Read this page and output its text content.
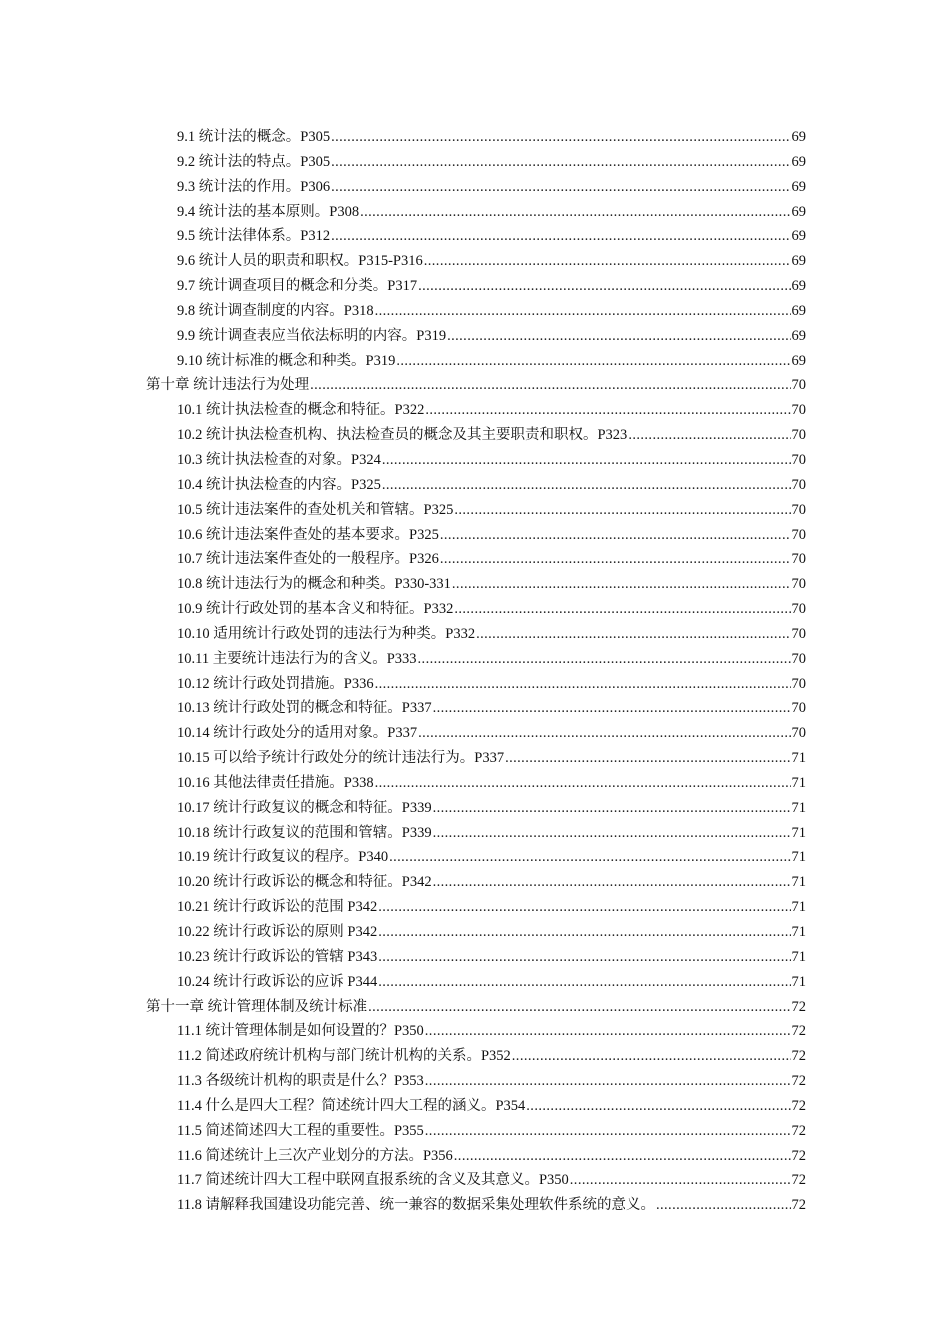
9.1 统计法的概念。P305 .....	69
9.2 统计法的特点。P305 .....	69
9.3 统计法的作用。P306 .....	69
9.4 统计法的基本原则。P308 .....	69
9.5 统计法律体系。P312 .....	69
9.6 统计人员的职责和职权。P315-P316 .....	69
9.7 统计调查项目的概念和分类。P317 .....	69
9.8 统计调查制度的内容。P318 .....	69
9.9 统计调查表应当依法标明的内容。P319 .....	69
9.10 统计标准的概念和种类。P319 .....	69
第十章 统计违法行为处理 .....	70
10.1 统计执法检查的概念和特征。P322 .....	70
10.2 统计执法检查机构、执法检查员的概念及其主要职责和职权。P323 .....	70
10.3 统计执法检查的对象。P324 .....	70
10.4 统计执法检查的内容。P325 .....	70
10.5 统计违法案件的查处机关和管辖。P325 .....	70
10.6 统计违法案件查处的基本要求。P325 .....	70
10.7 统计违法案件查处的一般程序。P326 .....	70
10.8 统计违法行为的概念和种类。P330-331 .....	70
10.9 统计行政处罚的基本含义和特征。P332 .....	70
10.10 适用统计行政处罚的违法行为种类。P332 .....	70
10.11 主要统计违法行为的含义。P333 .....	70
10.12 统计行政处罚措施。P336 .....	70
10.13 统计行政处罚的概念和特征。P337 .....	70
10.14 统计行政处分的适用对象。P337 .....	70
10.15 可以给予统计行政处分的统计违法行为。P337 .....	71
10.16 其他法律责任措施。P338 .....	71
10.17 统计行政复议的概念和特征。P339 .....	71
10.18 统计行政复议的范围和管辖。P339 .....	71
10.19 统计行政复议的程序。P340 .....	71
10.20 统计行政诉讼的概念和特征。P342 .....	71
10.21 统计行政诉讼的范围 P342 .....	71
10.22 统计行政诉讼的原则 P342 .....	71
10.23 统计行政诉讼的管辖 P343 .....	71
10.24 统计行政诉讼的应诉 P344 .....	71
第十一章 统计管理体制及统计标准 .....	72
11.1 统计管理体制是如何设置的？P350 .....	72
11.2 简述政府统计机构与部门统计机构的关系。P352 .....	72
11.3 各级统计机构的职责是什么？P353 .....	72
11.4 什么是四大工程？简述统计四大工程的涵义。P354 .....	72
11.5 简述简述四大工程的重要性。P355 .....	72
11.6 简述统计上三次产业划分的方法。P356 .....	72
11.7 简述统计四大工程中联网直报系统的含义及其意义。P350 .....	72
11.8 请解释我国建设功能完善、统一兼容的数据采集处理软件系统的意义。 .....	72
